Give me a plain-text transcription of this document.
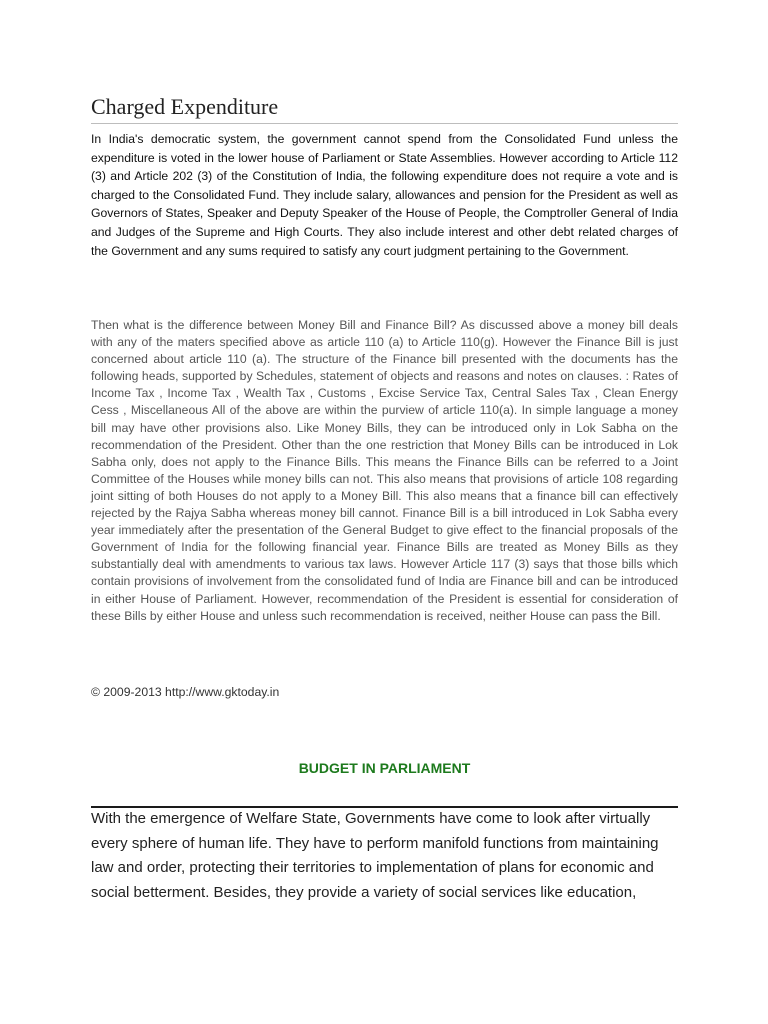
Charged Expenditure

In India's democratic system, the government cannot spend from the Consolidated Fund unless the expenditure is voted in the lower house of Parliament or State Assemblies. However according to Article 112 (3) and Article 202 (3) of the Constitution of India, the following expenditure does not require a vote and is charged to the Consolidated Fund. They include salary, allowances and pension for the President as well as Governors of States, Speaker and Deputy Speaker of the House of People, the Comptroller General of India and Judges of the Supreme and High Courts. They also include interest and other debt related charges of the Government and any sums required to satisfy any court judgment pertaining to the Government.

Then what is the difference between Money Bill and Finance Bill? As discussed above a money bill deals with any of the maters specified above as article 110 (a) to Article 110(g). However the Finance Bill is just concerned about article 110 (a). The structure of the Finance bill presented with the documents has the following heads, supported by Schedules, statement of objects and reasons and notes on clauses. : Rates of Income Tax , Income Tax , Wealth Tax , Customs , Excise Service Tax, Central Sales Tax , Clean Energy Cess , Miscellaneous All of the above are within the purview of article 110(a). In simple language a money bill may have other provisions also. Like Money Bills, they can be introduced only in Lok Sabha on the recommendation of the President. Other than the one restriction that Money Bills can be introduced in Lok Sabha only, does not apply to the Finance Bills. This means the Finance Bills can be referred to a Joint Committee of the Houses while money bills can not. This also means that provisions of article 108 regarding joint sitting of both Houses do not apply to a Money Bill. This also means that a finance bill can effectively rejected by the Rajya Sabha whereas money bill cannot. Finance Bill is a bill introduced in Lok Sabha every year immediately after the presentation of the General Budget to give effect to the financial proposals of the Government of India for the following financial year. Finance Bills are treated as Money Bills as they substantially deal with amendments to various tax laws. However Article 117 (3) says that those bills which contain provisions of involvement from the consolidated fund of India are Finance bill and can be introduced in either House of Parliament. However, recommendation of the President is essential for consideration of these Bills by either House and unless such recommendation is received, neither House can pass the Bill.

© 2009-2013 http://www.gktoday.in

BUDGET IN PARLIAMENT

With the emergence of Welfare State, Governments have come to look after virtually every sphere of human life. They have to perform manifold functions from maintaining law and order, protecting their territories to implementation of plans for economic and social betterment. Besides, they provide a variety of social services like education,
